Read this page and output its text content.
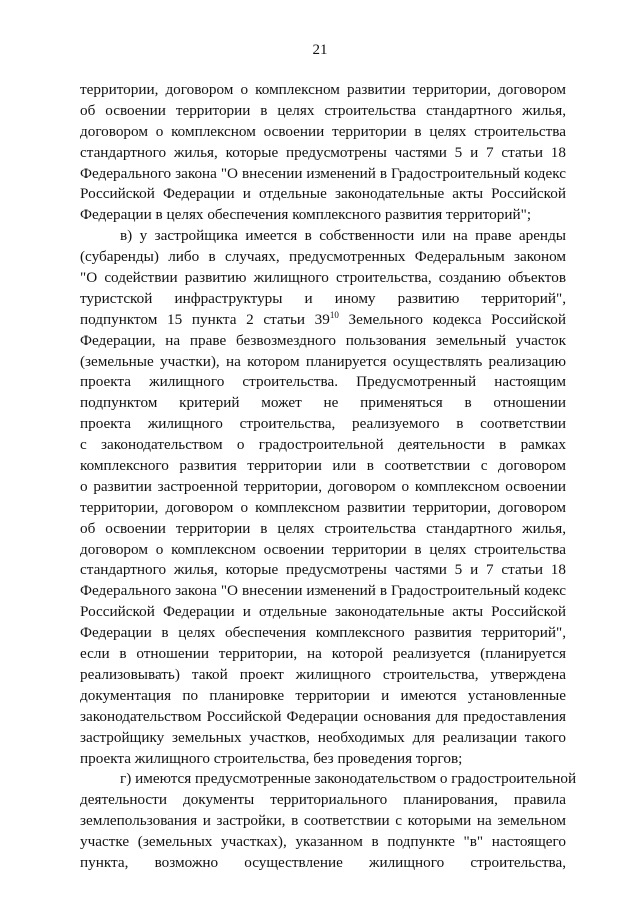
21
территории, договором о комплексном развитии территории, договором
об освоении территории в целях строительства стандартного жилья,
договором о комплексном освоении территории в целях строительства
стандартного жилья, которые предусмотрены частями 5 и 7 статьи 18
Федерального закона "О внесении изменений в Градостроительный кодекс
Российской Федерации и отдельные законодательные акты Российской
Федерации в целях обеспечения комплексного развития территорий";
в) у застройщика имеется в собственности или на праве аренды
(субаренды) либо в случаях, предусмотренных Федеральным законом
"О содействии развитию жилищного строительства, созданию объектов
туристской инфраструктуры и иному развитию территорий",
подпунктом 15 пункта 2 статьи $39^{10}$ Земельного кодекса Российской
Федерации, на праве безвозмездного пользования земельный участок
(земельные участки), на котором планируется осуществлять реализацию
проекта жилищного строительства. Предусмотренный настоящим
подпунктом критерий может не применяться в отношении
проекта жилищного строительства, реализуемого в соответствии
с законодательством о градостроительной деятельности в рамках
комплексного развития территории или в соответствии с договором
о развитии застроенной территории, договором о комплексном освоении
территории, договором о комплексном развитии территории, договором
об освоении территории в целях строительства стандартного жилья,
договором о комплексном освоении территории в целях строительства
стандартного жилья, которые предусмотрены частями 5 и 7 статьи 18
Федерального закона "О внесении изменений в Градостроительный кодекс
Российской Федерации и отдельные законодательные акты Российской
Федерации в целях обеспечения комплексного развития территорий",
если в отношении территории, на которой реализуется (планируется
реализовывать) такой проект жилищного строительства, утверждена
документация по планировке территории и имеются установленные
законодательством Российской Федерации основания для предоставления
застройщику земельных участков, необходимых для реализации такого
проекта жилищного строительства, без проведения торгов;
г) имеются предусмотренные законодательством о градостроительной
деятельности документы территориального планирования, правила
землепользования и застройки, в соответствии с которыми на земельном
участке (земельных участках), указанном в подпункте "в" настоящего
пункта, возможно осуществление жилищного строительства,
